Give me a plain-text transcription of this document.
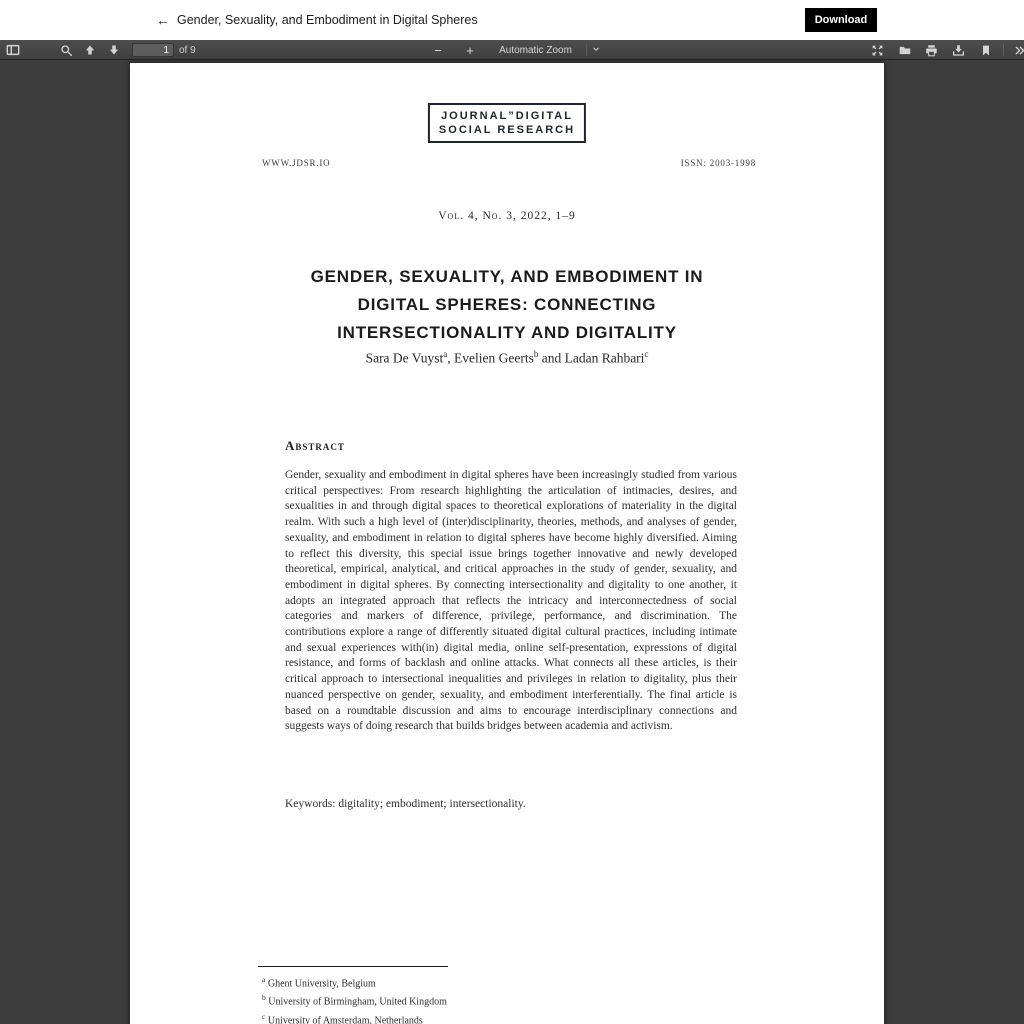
← Gender, Sexuality, and Embodiment in Digital Spheres	Download
1
of 9	−	+	Automatic Zoom
JOURNAL”DIGITAL
SOCIAL RESEARCH
WWW.JDSR.IO	ISSN: 2003-1998
Vol. 4, No. 3, 2022, 1–9
GENDER, SEXUALITY, AND EMBODIMENT IN
DIGITAL SPHERES: CONNECTING
INTERSECTIONALITY AND DIGITALITY
Sara De Vuyst$^a$, Evelien Geerts$^b$ and Ladan Rahbari$^c$
Abstract

Gender, sexuality and embodiment in digital spheres have been increasingly studied from various critical perspectives: From research highlighting the articulation of intimacies, desires, and sexualities in and through digital spaces to theoretical explorations of materiality in the digital realm. With such a high level of (inter)disciplinarity, theories, methods, and analyses of gender, sexuality, and embodiment in relation to digital spheres have become highly diversified. Aiming to reflect this diversity, this special issue brings together innovative and newly developed theoretical, empirical, analytical, and critical approaches in the study of gender, sexuality, and embodiment in digital spheres. By connecting intersectionality and digitality to one another, it adopts an integrated approach that reflects the intricacy and interconnectedness of social categories and markers of difference, privilege, performance, and discrimination. The contributions explore a range of differently situated digital cultural practices, including intimate and sexual experiences with(in) digital media, online self-presentation, expressions of digital resistance, and forms of backlash and online attacks. What connects all these articles, is their critical approach to intersectional inequalities and privileges in relation to digitality, plus their nuanced perspective on gender, sexuality, and embodiment interferentially. The final article is based on a roundtable discussion and aims to encourage interdisciplinary connections and suggests ways of doing research that builds bridges between academia and activism.

Keywords: digitality; embodiment; intersectionality.
$^a$ Ghent University, Belgium
$^b$ University of Birmingham, United Kingdom
$^c$ University of Amsterdam, Netherlands
